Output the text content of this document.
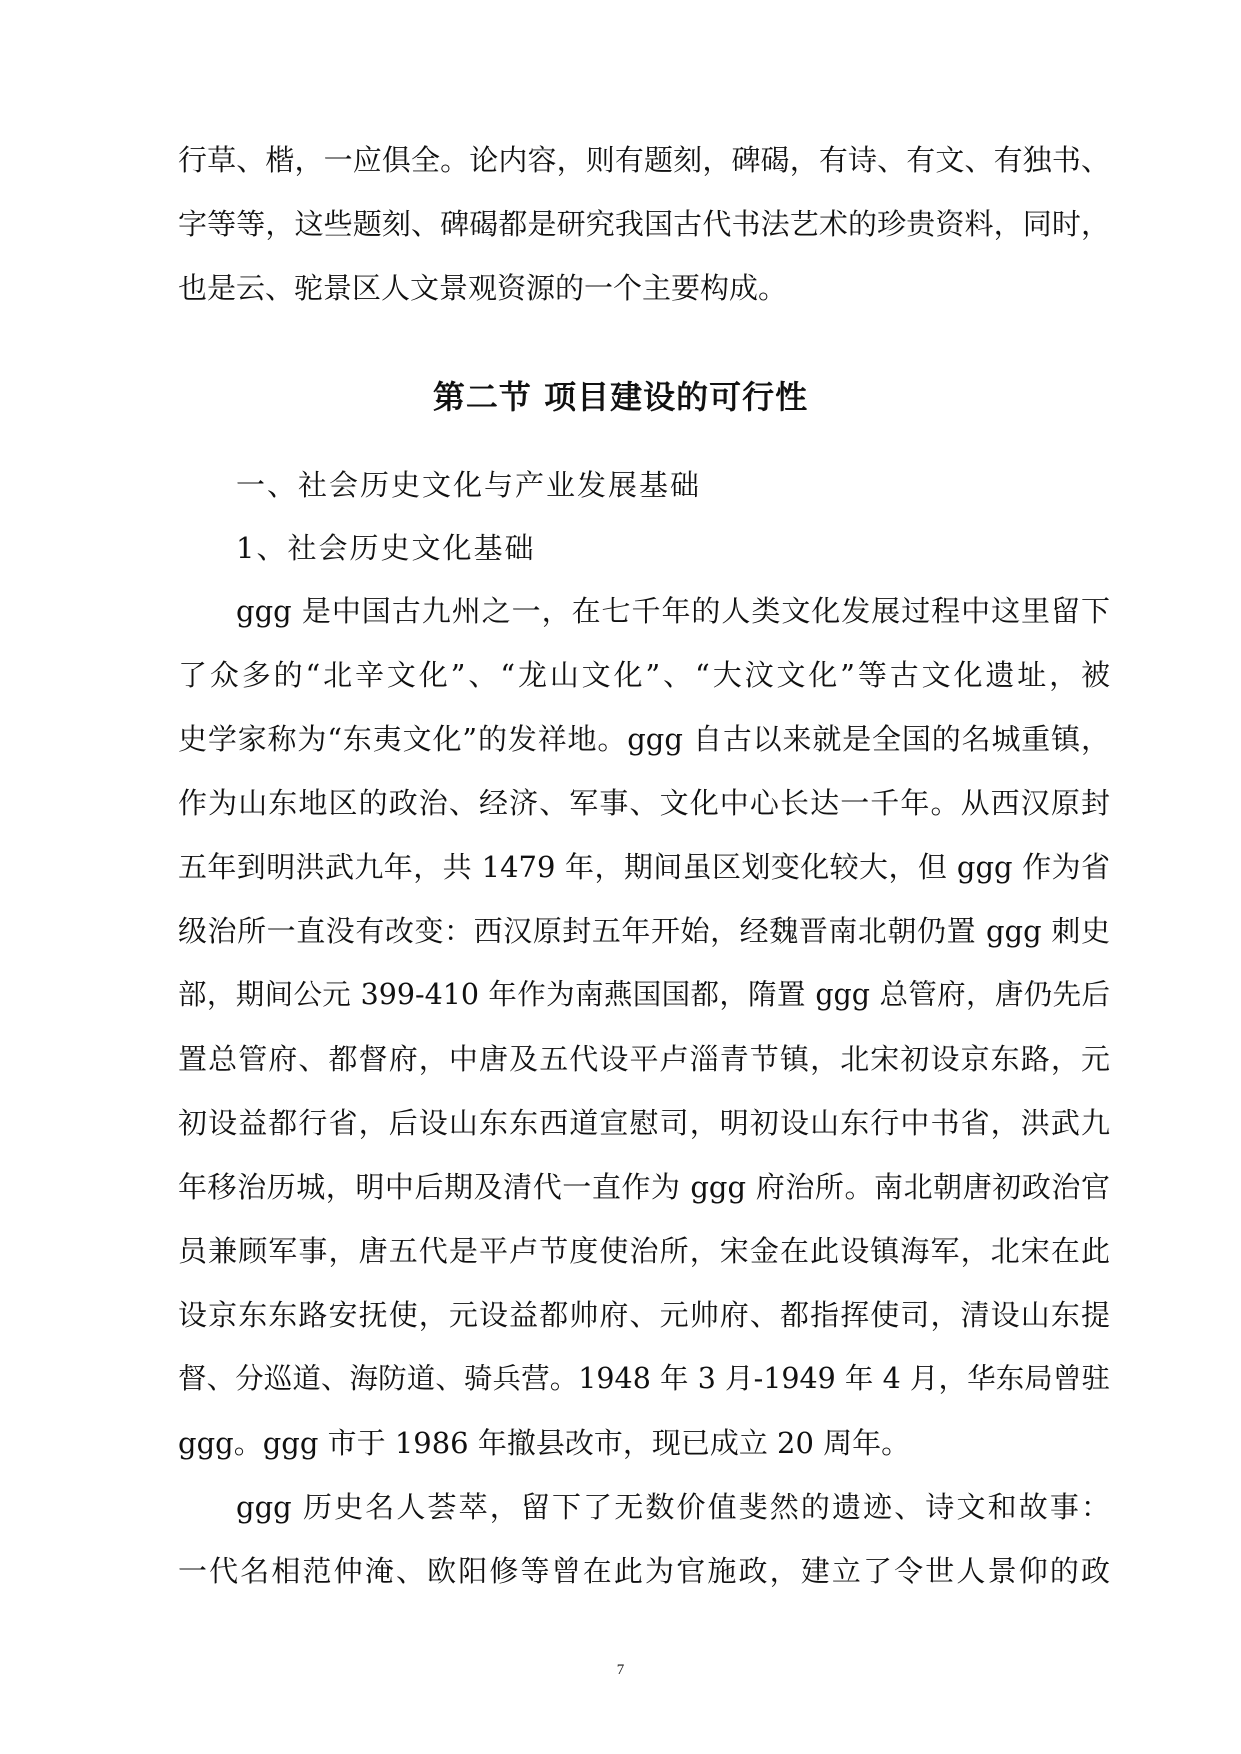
行草、楷，一应俱全。论内容，则有题刻，碑碣，有诗、有文、有独书、
字等等，这些题刻、碑碣都是研究我国古代书法艺术的珍贵资料，同时，
也是云、驼景区人文景观资源的一个主要构成。
第二节 项目建设的可行性
一、社会历史文化与产业发展基础
1、社会历史文化基础
ggg 是中国古九州之一，在七千年的人类文化发展过程中这里留下
了众多的“北辛文化”、“龙山文化”、“大汶文化”等古文化遗址，被
史学家称为“东夷文化”的发祥地。ggg 自古以来就是全国的名城重镇，
作为山东地区的政治、经济、军事、文化中心长达一千年。从西汉原封
五年到明洪武九年，共 1479 年，期间虽区划变化较大，但 ggg 作为省
级治所一直没有改变：西汉原封五年开始，经魏晋南北朝仍置 ggg 刺史
部，期间公元 399-410 年作为南燕国国都，隋置 ggg 总管府，唐仍先后
置总管府、都督府，中唐及五代设平卢淄青节镇，北宋初设京东路，元
初设益都行省，后设山东东西道宣慰司，明初设山东行中书省，洪武九
年移治历城，明中后期及清代一直作为 ggg 府治所。南北朝唐初政治官
员兼顾军事，唐五代是平卢节度使治所，宋金在此设镇海军，北宋在此
设京东东路安抚使，元设益都帅府、元帅府、都指挥使司，清设山东提
督、分巡道、海防道、骑兵营。1948 年 3 月-1949 年 4 月，华东局曾驻
ggg。ggg 市于 1986 年撤县改市，现已成立 20 周年。
ggg 历史名人荟萃，留下了无数价值斐然的遗迹、诗文和故事：
一代名相范仲淹、欧阳修等曾在此为官施政，建立了令世人景仰的政
7
